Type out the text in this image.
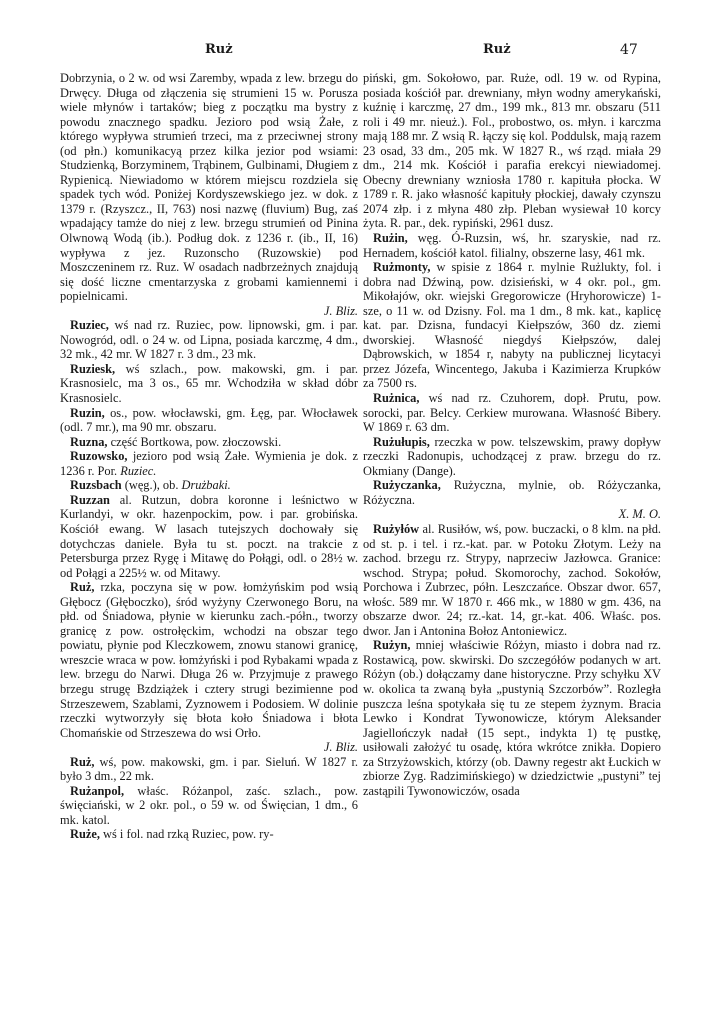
Ruż	Ruż	47

Dobrzynia, o 2 w. od wsi Zaremby, wpada z lew. brzegu do Drwęcy. Długa od złączenia się strumieni 15 w. Porusza wiele młynów i tartaków; bieg z początku ma bystry z powodu znacznego spadku. Jezioro pod wsią Żałe, z którego wypływa strumień trzeci, ma z przeciwnej strony (od płn.) komunikacyą przez kilka jezior pod wsiami: Studzienką, Borzyminem, Trąbinem, Gulbinami, Długiem z Rypienicą. Niewiadomo w którem miejscu rozdziela się spadek tych wód. Poniżej Kordyszewskiego jez. w dok. z 1379 r. (Rzyszcz., II, 763) nosi nazwę (fluvium) Bug, zaś wpadający tamże do niej z lew. brzegu strumień od Pinina Olwnową Wodą (ib.). Podług dok. z 1236 r. (ib., II, 16) wypływa z jez. Ruzonscho (Ruzowskie) pod Moszczeninem rz. Ruz. W osadach nadbrzeżnych znajdują się dość liczne cmentarzyska z grobami kamiennemi i popielnicami.
J. Bliz.

Ruziec, wś nad rz. Ruziec, pow. lipnowski, gm. i par. Nowogród, odl. o 24 w. od Lipna, posiada karczmę, 4 dm., 32 mk., 42 mr. W 1827 r. 3 dm., 23 mk.

Ruziesk, wś szlach., pow. makowski, gm. i par. Krasnosielc, ma 3 os., 65 mr. Wchodziła w skład dóbr Krasnosielc.

Ruzin, os., pow. włocławski, gm. Łęg, par. Włocławek (odl. 7 mr.), ma 90 mr. obszaru.

Ruzna, część Bortkowa, pow. złoczowski.

Ruzowsko, jezioro pod wsią Żałe. Wymienia je dok. z 1236 r. Por. Ruziec.

Ruzsbach (węg.), ob. Drużbaki.

Ruzzan al. Rutzun, dobra koronne i leśnictwo w Kurlandyi, w okr. hazenpockim, pow. i par. grobińska. Kościół ewang. W lasach tutejszych dochowały się dotychczas daniele. Była tu st. poczt. na trakcie z Petersburga przez Rygę i Mitawę do Połągi, odl. o 28½ w. od Połągi a 225½ w. od Mitawy.

Ruż, rzka, poczyna się w pow. łomżyńskim pod wsią Głębocz (Głęboczko), śród wyżyny Czerwonego Boru, na płd. od Śniadowa, płynie w kierunku zach.-półn., tworzy granicę z pow. ostrołęckim, wchodzi na obszar tego powiatu, płynie pod Kleczkowem, znowu stanowi granicę, wreszcie wraca w pow. łomżyński i pod Rybakami wpada z lew. brzegu do Narwi. Długa 26 w. Przyjmuje z prawego brzegu strugę Bzdziążek i cztery strugi bezimienne pod Strzeszewem, Szablami, Zyznowem i Podosiem. W dolinie rzeczki wytworzyły się błota koło Śniadowa i błota Chomańskie od Strzeszewa do wsi Orło.
J. Bliz.

Ruż, wś, pow. makowski, gm. i par. Sieluń. W 1827 r. było 3 dm., 22 mk.

Rużanpol, właśc. Różanpol, zaśc. szlach., pow. święciański, w 2 okr. pol., o 59 w. od Święcian, 1 dm., 6 mk. katol.

Ruże, wś i fol. nad rzką Ruziec, pow. ry-

piński, gm. Sokołowo, par. Ruże, odl. 19 w. od Rypina, posiada kościół par. drewniany, młyn wodny amerykański, kuźnię i karczmę, 27 dm., 199 mk., 813 mr. obszaru (511 roli i 49 mr. nieuż.). Fol., probostwo, os. młyn. i karczma mają 188 mr. Z wsią R. łączy się kol. Poddulsk, mają razem 23 osad, 33 dm., 205 mk. W 1827 R., wś rząd. miała 29 dm., 214 mk. Kościół i parafia erekcyi niewiadomej. Obecny drewniany wzniosła 1780 r. kapituła płocka. W 1789 r. R. jako własność kapituły płockiej, dawały czynszu 2074 złp. i z młyna 480 złp. Pleban wysiewał 10 korcy żyta. R. par., dek. rypiński, 2961 dusz.

Rużin, węg. Ó-Ruzsin, wś, hr. szaryskie, nad rz. Hernadem, kościół katol. filialny, obszerne lasy, 461 mk.

Rużmonty, w spisie z 1864 r. mylnie Rużlukty, fol. i dobra nad Dźwiną, pow. dzisieński, w 4 okr. pol., gm. Mikołajów, okr. wiejski Gregorowicze (Hryhorowicze) 1-sze, o 11 w. od Dzisny. Fol. ma 1 dm., 8 mk. kat., kaplicę kat. par. Dzisna, fundacyi Kiełpszów, 360 dz. ziemi dworskiej. Własność niegdyś Kiełpszów, dalej Dąbrowskich, w 1854 r, nabyty na publicznej licytacyi przez Józefa, Wincentego, Jakuba i Kazimierza Krupków za 7500 rs.

Rużnica, wś nad rz. Czuhorem, dopł. Prutu, pow. sorocki, par. Belcy. Cerkiew murowana. Własność Bibery. W 1869 r. 63 dm.

Rużułupis, rzeczka w pow. telszewskim, prawy dopływ rzeczki Radonupis, uchodzącej z praw. brzegu do rz. Okmiany (Dange).

Rużyczanka, Rużyczna, mylnie, ob. Różyczanka, Różyczna.
X. M. O.

Rużyłów al. Rusiłów, wś, pow. buczacki, o 8 klm. na płd. od st. p. i tel. i rz.-kat. par. w Potoku Złotym. Leży na zachod. brzegu rz. Strypy, naprzeciw Jazłowca. Granice: wschod. Strypa; połud. Skomorochy, zachod. Sokołów, Porchowa i Zubrzec, półn. Leszczańce. Obszar dwor. 657, włośc. 589 mr. W 1870 r. 466 mk., w 1880 w gm. 436, na obszarze dwor. 24; rz.-kat. 14, gr.-kat. 406. Właśc. pos. dwor. Jan i Antonina Bołoz Antoniewicz.

Rużyn, mniej właściwie Różyn, miasto i dobra nad rz. Rostawicą, pow. skwirski. Do szczegółów podanych w art. Różyn (ob.) dołączamy dane historyczne. Przy schyłku XV w. okolica ta zwaną była „pustynią Szczorbów”. Rozległa puszcza leśna spotykała się tu ze stepem żyznym. Bracia Lewko i Kondrat Tywonowicze, którym Aleksander Jagiellończyk nadał (15 sept., indykta 1) tę pustkę, usiłowali założyć tu osadę, która wkrótce znikła. Dopiero za Strzyżowskich, którzy (ob. Dawny regestr akt Łuckich w zbiorze Zyg. Radzimińskiego) w dziedzictwie „pustyni” tej zastąpili Tywonowiczów, osada
